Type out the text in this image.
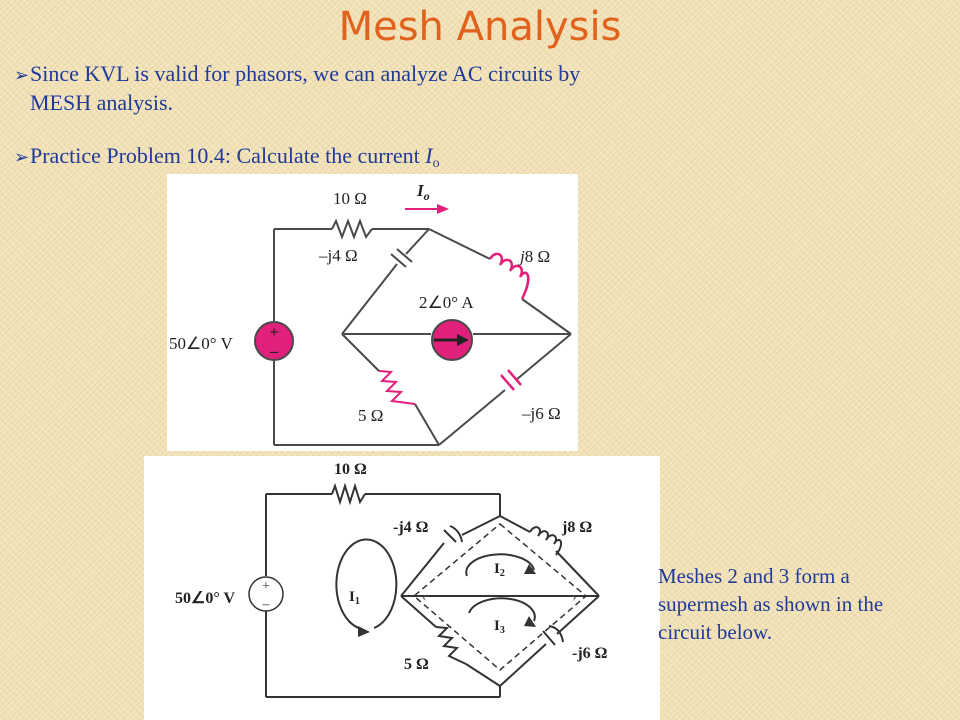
Mesh Analysis
➢Since KVL is valid for phasors, we can analyze AC circuits by
MESH analysis.
➢Practice Problem 10.4: Calculate the current Io
+
–
10 Ω	$I_o$
–j4 Ω	j8 Ω
2∠0° A
50∠0° V
5 Ω	–j6 Ω
‹	›
+
–
10 Ω
-j4 Ω	j8 Ω
50∠0° V	$I_1$
$I_2$
$I_3$
5 Ω
-j6 Ω
Meshes 2 and 3 form a supermesh as shown in the circuit below.
